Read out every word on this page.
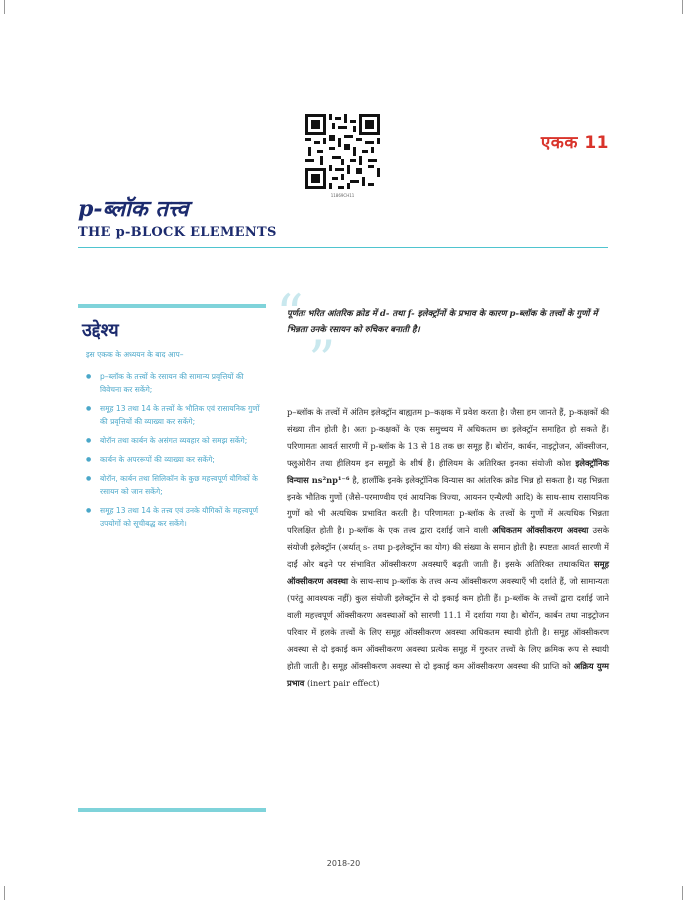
11869CH11
एकक 11
p-ब्लॉक तत्त्व
THE p-BLOCK ELEMENTS
उद्देश्य
इस एकक के अध्ययन के बाद आप–
● p–ब्लॉक के तत्त्वों के रसायन की सामान्य प्रवृत्तियों की विवेचना कर सकेंगे;
● समूह 13 तथा 14 के तत्त्वों के भौतिक एवं रासायनिक गुणों की प्रवृत्तियों की व्याख्या कर सकेंगे;
● बोरॉन तथा कार्बन के असंगत व्यवहार को समझ सकेंगे;
● कार्बन के अपररूपों की व्याख्या कर सकेंगे;
● बोरॉन, कार्बन तथा सिलिकॉन के कुछ महत्त्वपूर्ण यौगिकों के रसायन को जान सकेंगे;
● समूह 13 तथा 14 के तत्त्व एवं उनके यौगिकों के महत्त्वपूर्ण उपयोगों को सूचीबद्ध कर सकेंगे।
“
पूर्णतः भरित आंतरिक क्रोड में d- तथा f- इलेक्ट्रॉनों के प्रभाव के कारण p-ब्लॉक के तत्त्वों के गुणों में भिन्नता उनके रसायन को रुचिकर बनाती है।
”
p–ब्लॉक के तत्त्वों में अंतिम इलेक्ट्रॉन बाह्यतम p–कक्षक में प्रवेश करता है। जैसा हम जानते हैं, p-कक्षकों की संख्या तीन होती है। अतः p-कक्षकों के एक समुच्चय में अधिकतम छः इलेक्ट्रॉन समाहित हो सकते हैं। परिणामतः आवर्त सारणी में p-ब्लॉक के 13 से 18 तक छः समूह हैं। बोरॉन, कार्बन, नाइट्रोजन, ऑक्सीजन, फ्लुओरीन तथा हीलियम इन समूहों के शीर्ष हैं। हीलियम के अतिरिक्त इनका संयोजी कोश इलेक्ट्रॉनिक विन्यास ns²np¹⁻⁶ है, हालाँकि इनके इलेक्ट्रॉनिक विन्यास का आंतरिक क्रोड भिन्न हो सकता है। यह भिन्नता इनके भौतिक गुणों (जैसे–परमाण्वीय एवं आयनिक त्रिज्या, आयनन एन्थैल्पी आदि) के साथ-साथ रासायनिक गुणों को भी अत्यधिक प्रभावित करती है। परिणामतः p-ब्लॉक के तत्त्वों के गुणों में अत्यधिक भिन्नता परिलक्षित होती है। p-ब्लॉक के एक तत्त्व द्वारा दर्शाई जाने वाली अधिकतम ऑक्सीकरण अवस्था उसके संयोजी इलेक्ट्रॉन (अर्थात् s- तथा p-इलेक्ट्रॉन का योग) की संख्या के समान होती है। स्पष्टतः आवर्त सारणी में दाईं ओर बढ़ने पर संभावित ऑक्सीकरण अवस्थाएँ बढ़ती जाती हैं। इसके अतिरिक्त तथाकथित समूह ऑक्सीकरण अवस्था के साथ-साथ p-ब्लॉक के तत्त्व अन्य ऑक्सीकरण अवस्थाएँ भी दर्शाते हैं, जो सामान्यतः (परंतु आवश्यक नहीं) कुल संयोजी इलेक्ट्रॉन से दो इकाई कम होती हैं। p-ब्लॉक के तत्त्वों द्वारा दर्शाई जाने वाली महत्त्वपूर्ण ऑक्सीकरण अवस्थाओं को सारणी 11.1 में दर्शाया गया है। बोरॉन, कार्बन तथा नाइट्रोजन परिवार में हलके तत्त्वों के लिए समूह ऑक्सीकरण अवस्था अधिकतम स्थायी होती है। समूह ऑक्सीकरण अवस्था से दो इकाई कम ऑक्सीकरण अवस्था प्रत्येक समूह में गुरुतर तत्त्वों के लिए क्रमिक रूप से स्थायी होती जाती है। समूह ऑक्सीकरण अवस्था से दो इकाई कम ऑक्सीकरण अवस्था की प्राप्ति को अक्रिय युग्म प्रभाव (inert pair effect)
2018-20
